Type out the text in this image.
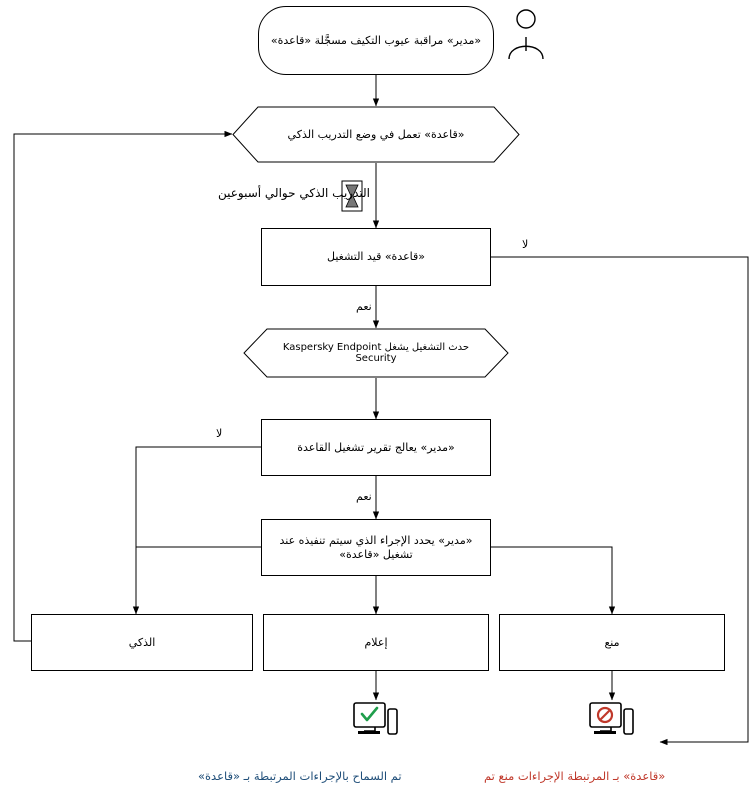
«مدير» مراقبة عيوب التكيف مسجَّلة «قاعدة»
«قاعدة» تعمل في وضع التدريب الذكي
التدريب الذكي حوالي أسبوعين
«قاعدة» قيد التشغيل
لا
نعم
حدث التشغيل يشغل Kaspersky Endpoint Security
«مدير» يعالج تقرير تشغيل القاعدة
لا
نعم
«مدير» يحدد الإجراء الذي سيتم تنفيذه عند تشغيل «قاعدة»
الذكي	إعلام	منع
تم السماح بالإجراءات المرتبطة بـ «قاعدة»	«قاعدة» بـ المرتبطة الإجراءات منع تم
